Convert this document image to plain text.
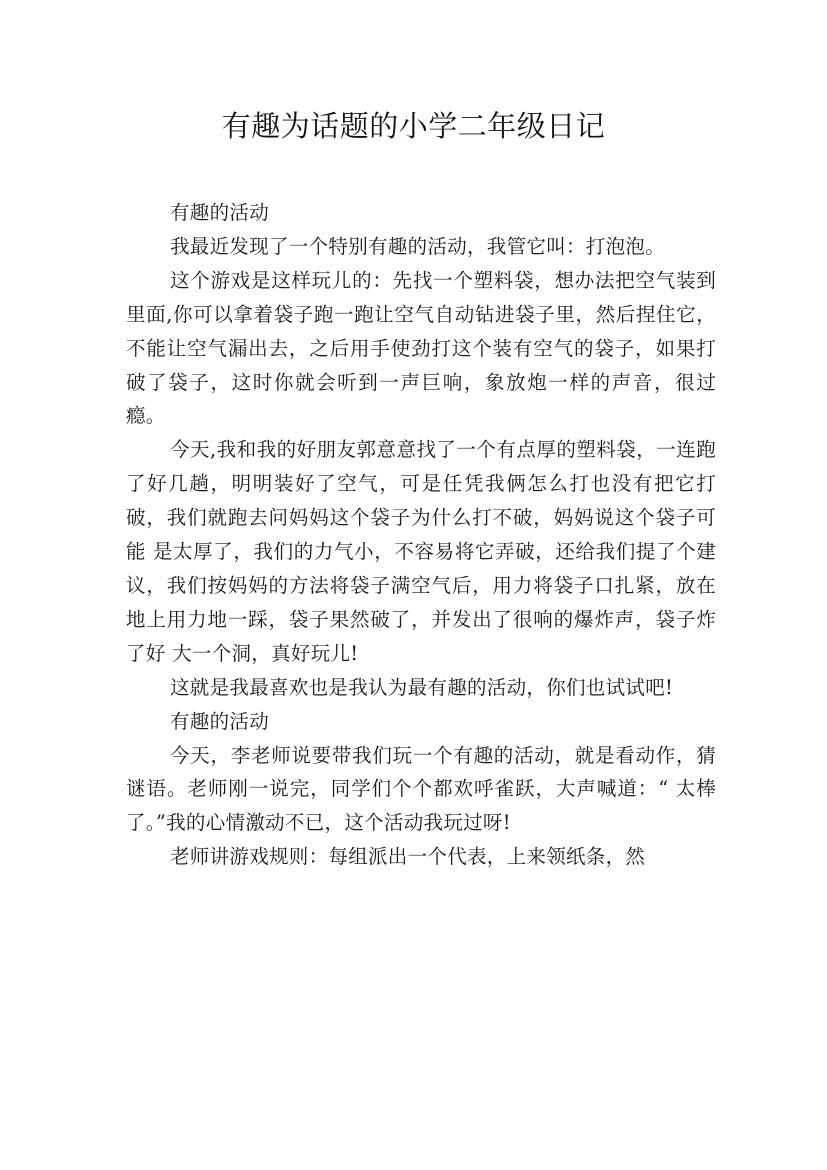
有趣为话题的小学二年级日记

有趣的活动

我最近发现了一个特别有趣的活动，我管它叫：打泡泡。

这个游戏是这样玩儿的：先找一个塑料袋，想办法把空气装到里面,你可以拿着袋子跑一跑让空气自动钻进袋子里，然后捏住它，不能让空气漏出去，之后用手使劲打这个装有空气的袋子，如果打 破了袋子，这时你就会听到一声巨响，象放炮一样的声音，很过瘾。

今天,我和我的好朋友郭意意找了一个有点厚的塑料袋，一连跑了好几趟，明明装好了空气，可是任凭我俩怎么打也没有把它打破，我们就跑去问妈妈这个袋子为什么打不破，妈妈说这个袋子可能 是太厚了，我们的力气小，不容易将它弄破，还给我们提了个建议，我们按妈妈的方法将袋子满空气后，用力将袋子口扎紧，放在地上用力地一踩，袋子果然破了，并发出了很响的爆炸声，袋子炸了好 大一个洞，真好玩儿!

这就是我最喜欢也是我认为最有趣的活动，你们也试试吧!

有趣的活动

今天，李老师说要带我们玩一个有趣的活动，就是看动作，猜谜语。老师刚一说完，同学们个个都欢呼雀跃，大声喊道：“ 太棒了。”我的心情激动不已，这个活动我玩过呀!

老师讲游戏规则：每组派出一个代表，上来领纸条，然
